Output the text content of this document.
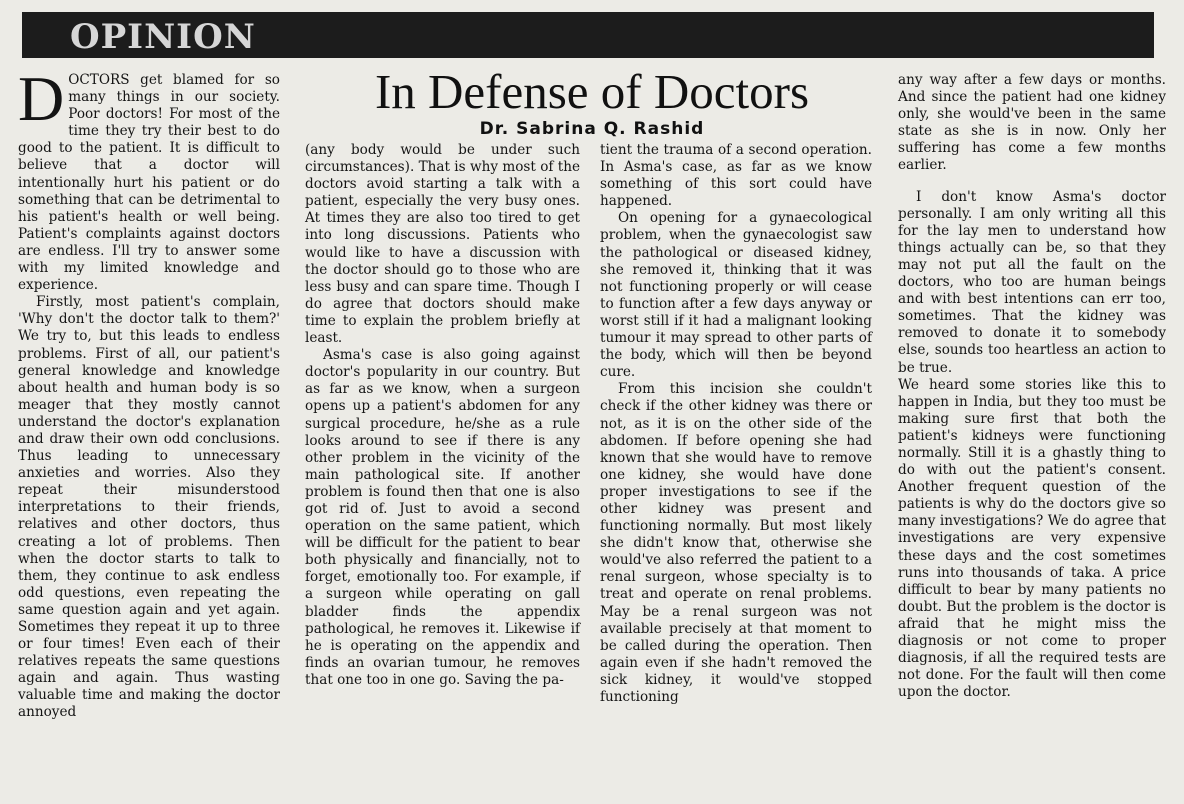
OPINION
In Defense of Doctors
Dr. Sabrina Q. Rashid

DOCTORS get blamed for so many things in our society. Poor doctors! For most of the time they try their best to do good to the patient. It is difficult to believe that a doctor will intentionally hurt his patient or do something that can be detrimental to his patient's health or well being. Patient's complaints against doctors are endless. I'll try to answer some with my limited knowledge and experience.

Firstly, most patient's complain, 'Why don't the doctor talk to them?' We try to, but this leads to endless problems. First of all, our patient's general knowledge and knowledge about health and human body is so meager that they mostly cannot understand the doctor's explanation and draw their own odd conclusions. Thus leading to unnecessary anxieties and worries. Also they repeat their misunderstood interpretations to their friends, relatives and other doctors, thus creating a lot of problems. Then when the doctor starts to talk to them, they continue to ask endless odd questions, even repeating the same question again and yet again. Sometimes they repeat it up to three or four times! Even each of their relatives repeats the same questions again and again. Thus wasting valuable time and making the doctor annoyed

(any body would be under such circumstances). That is why most of the doctors avoid starting a talk with a patient, especially the very busy ones. At times they are also too tired to get into long discussions. Patients who would like to have a discussion with the doctor should go to those who are less busy and can spare time. Though I do agree that doctors should make time to explain the problem briefly at least.

Asma's case is also going against doctor's popularity in our country. But as far as we know, when a surgeon opens up a patient's abdomen for any surgical procedure, he/she as a rule looks around to see if there is any other problem in the vicinity of the main pathological site. If another problem is found then that one is also got rid of. Just to avoid a second operation on the same patient, which will be difficult for the patient to bear both physically and financially, not to forget, emotionally too. For example, if a surgeon while operating on gall bladder finds the appendix pathological, he removes it. Likewise if he is operating on the appendix and finds an ovarian tumour, he removes that one too in one go. Saving the pa-

tient the trauma of a second operation. In Asma's case, as far as we know something of this sort could have happened.

On opening for a gynaecological problem, when the gynaecologist saw the pathological or diseased kidney, she removed it, thinking that it was not functioning properly or will cease to function after a few days anyway or worst still if it had a malignant looking tumour it may spread to other parts of the body, which will then be beyond cure.

From this incision she couldn't check if the other kidney was there or not, as it is on the other side of the abdomen. If before opening she had known that she would have to remove one kidney, she would have done proper investigations to see if the other kidney was present and functioning normally. But most likely she didn't know that, otherwise she would've also referred the patient to a renal surgeon, whose specialty is to treat and operate on renal problems. May be a renal surgeon was not available precisely at that moment to be called during the operation. Then again even if she hadn't removed the sick kidney, it would've stopped functioning

any way after a few days or months. And since the patient had one kidney only, she would've been in the same state as she is in now. Only her suffering has come a few months earlier.

I don't know Asma's doctor personally. I am only writing all this for the lay men to understand how things actually can be, so that they may not put all the fault on the doctors, who too are human beings and with best intentions can err too, sometimes. That the kidney was removed to donate it to somebody else, sounds too heartless an action to be true.

We heard some stories like this to happen in India, but they too must be making sure first that both the patient's kidneys were functioning normally. Still it is a ghastly thing to do with out the patient's consent. Another frequent question of the patients is why do the doctors give so many investigations? We do agree that investigations are very expensive these days and the cost sometimes runs into thousands of taka. A price difficult to bear by many patients no doubt. But the problem is the doctor is afraid that he might miss the diagnosis or not come to proper diagnosis, if all the required tests are not done. For the fault will then come upon the doctor.
